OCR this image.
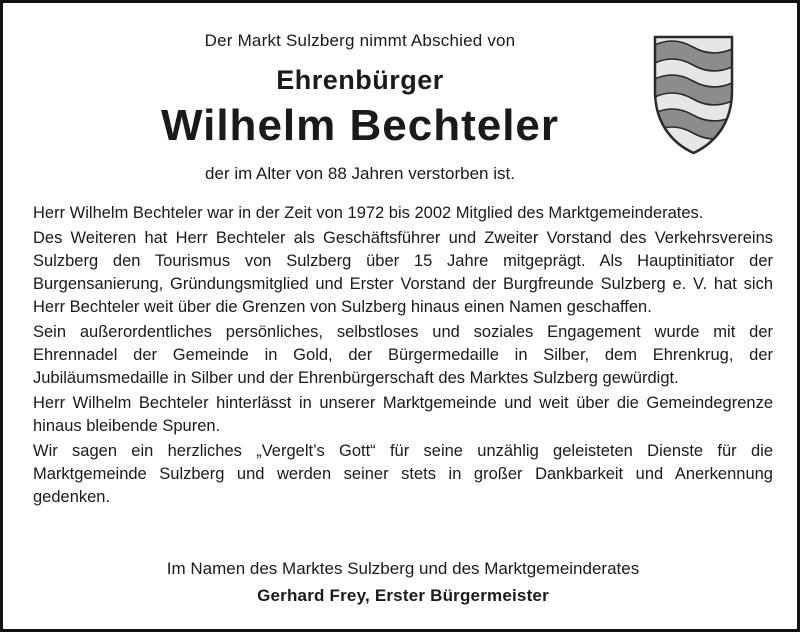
Der Markt Sulzberg nimmt Abschied von
Ehrenbürger
Wilhelm Bechteler
der im Alter von 88 Jahren verstorben ist.

Herr Wilhelm Bechteler war in der Zeit von 1972 bis 2002 Mitglied des Marktgemeinderates.

Des Weiteren hat Herr Bechteler als Geschäftsführer und Zweiter Vorstand des Verkehrsvereins Sulzberg den Tourismus von Sulzberg über 15 Jahre mitgeprägt. Als Hauptinitiator der Burgensanierung, Gründungsmitglied und Erster Vorstand der Burgfreunde Sulzberg e. V. hat sich Herr Bechteler weit über die Grenzen von Sulzberg hinaus einen Namen geschaffen.

Sein außerordentliches persönliches, selbstloses und soziales Engagement wurde mit der Ehrennadel der Gemeinde in Gold, der Bürgermedaille in Silber, dem Ehrenkrug, der Jubiläumsmedaille in Silber und der Ehrenbürgerschaft des Marktes Sulzberg gewürdigt.

Herr Wilhelm Bechteler hinterlässt in unserer Marktgemeinde und weit über die Gemeindegrenze hinaus bleibende Spuren.

Wir sagen ein herzliches „Vergelt’s Gott“ für seine unzählig geleisteten Dienste für die Marktgemeinde Sulzberg und werden seiner stets in großer Dankbarkeit und Anerkennung gedenken.

Im Namen des Marktes Sulzberg und des Marktgemeinderates
Gerhard Frey, Erster Bürgermeister
